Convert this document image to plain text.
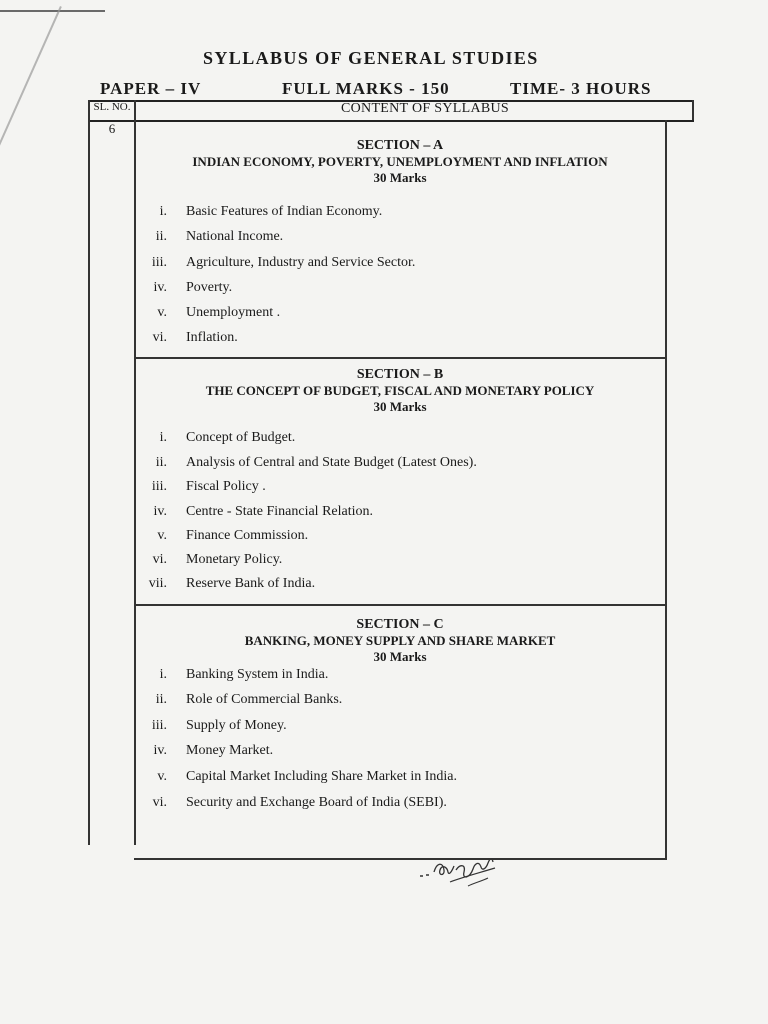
SYLLABUS OF GENERAL STUDIES
PAPER – IV	FULL MARKS - 150	TIME- 3 HOURS
SL. NO.	CONTENT OF SYLLABUS
6
SECTION – A
INDIAN ECONOMY, POVERTY, UNEMPLOYMENT AND INFLATION
30 Marks
i. Basic Features of Indian Economy.
ii. National Income.
iii. Agriculture, Industry and Service Sector.
iv. Poverty.
v. Unemployment .
vi. Inflation.
SECTION – B
THE CONCEPT OF BUDGET, FISCAL AND MONETARY POLICY
30 Marks
i. Concept of Budget.
ii. Analysis of Central and State Budget (Latest Ones).
iii. Fiscal Policy .
iv. Centre - State Financial Relation.
v. Finance Commission.
vi. Monetary Policy.
vii. Reserve Bank of India.
SECTION – C
BANKING, MONEY SUPPLY AND SHARE MARKET
30 Marks
i. Banking System in India.
ii. Role of Commercial Banks.
iii. Supply of Money.
iv. Money Market.
v. Capital Market Including Share Market in India.
vi. Security and Exchange Board of India (SEBI).
